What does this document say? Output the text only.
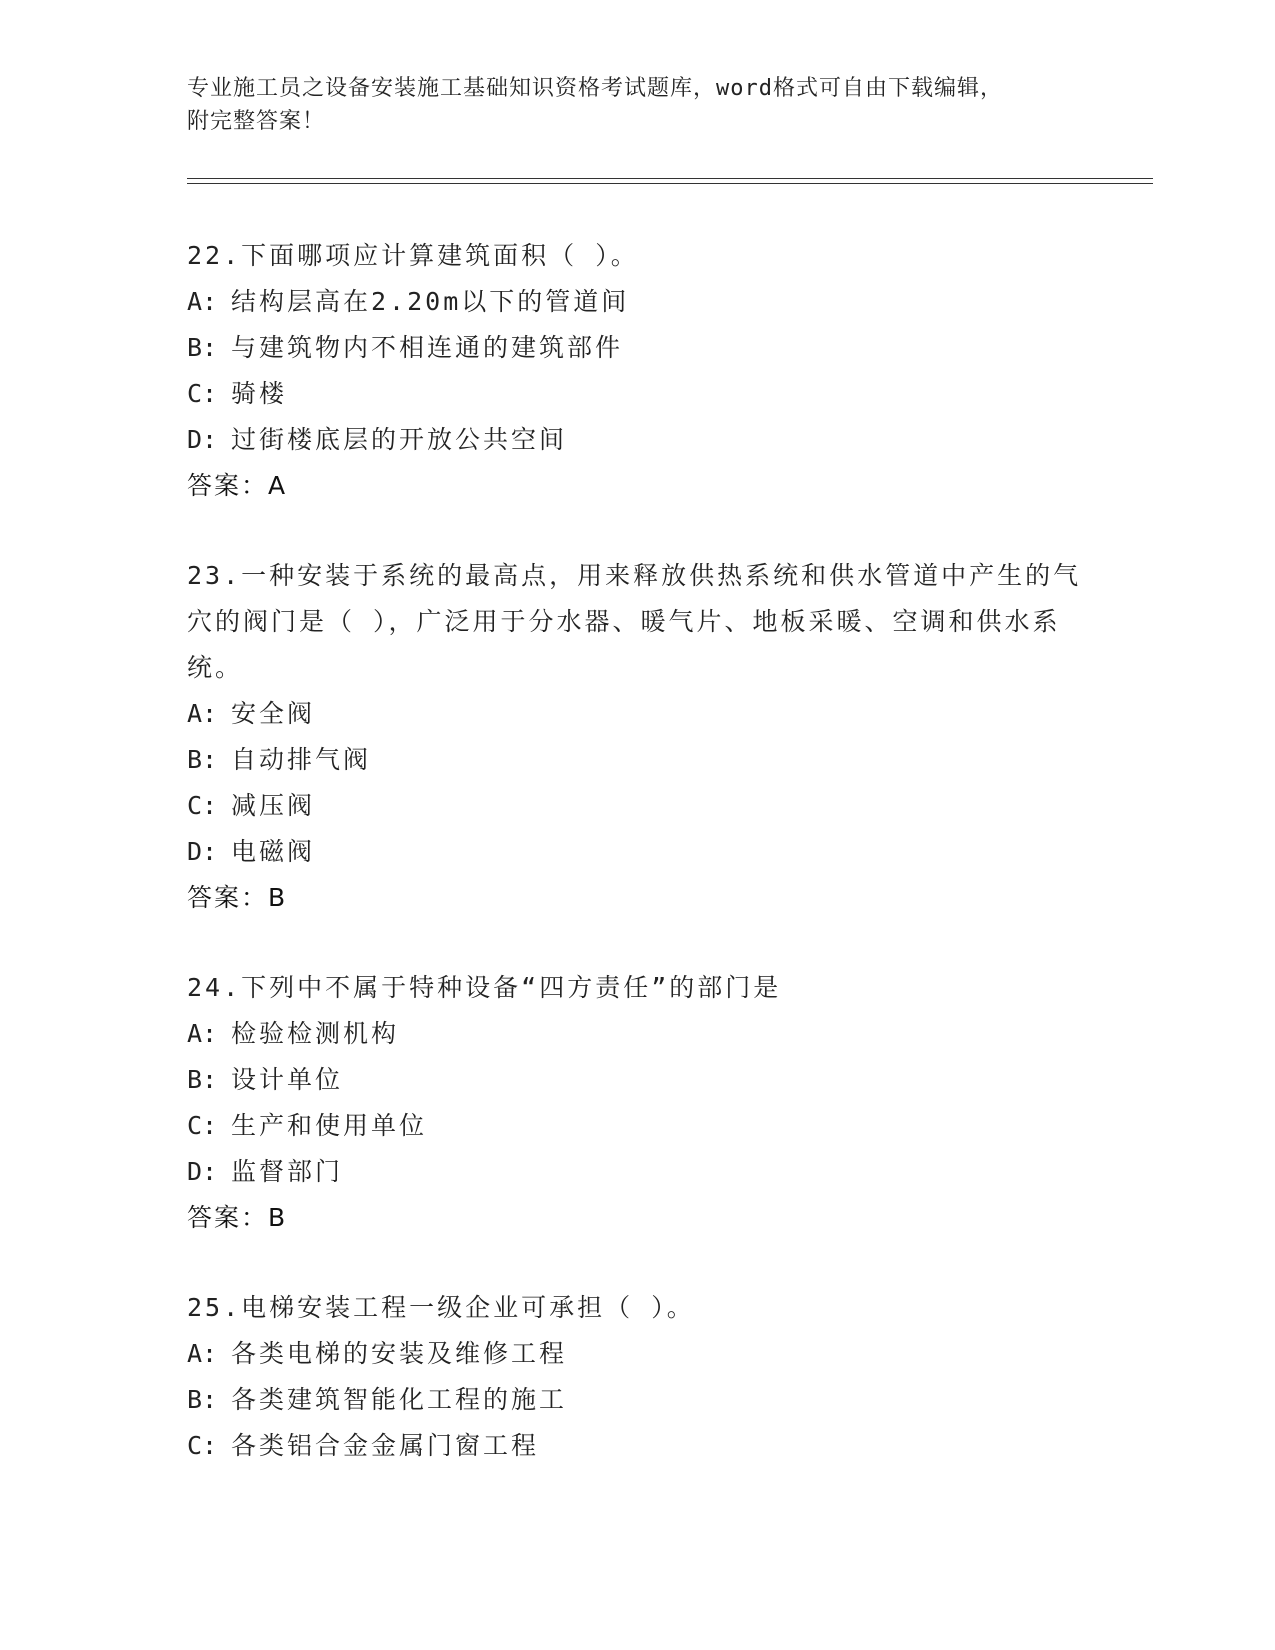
专业施工员之设备安装施工基础知识资格考试题库，word格式可自由下载编辑，
附完整答案！
22.下面哪项应计算建筑面积（ ）。
A: 结构层高在2.20m以下的管道间
B: 与建筑物内不相连通的建筑部件
C: 骑楼
D: 过街楼底层的开放公共空间
答案：A
23.一种安装于系统的最高点，用来释放供热系统和供水管道中产生的气穴的阀门是（ ），广泛用于分水器、暖气片、地板采暖、空调和供水系统。
A: 安全阀
B: 自动排气阀
C: 减压阀
D: 电磁阀
答案：B
24.下列中不属于特种设备“四方责任”的部门是
A: 检验检测机构
B: 设计单位
C: 生产和使用单位
D: 监督部门
答案：B
25.电梯安装工程一级企业可承担（ ）。
A: 各类电梯的安装及维修工程
B: 各类建筑智能化工程的施工
C: 各类铝合金金属门窗工程
